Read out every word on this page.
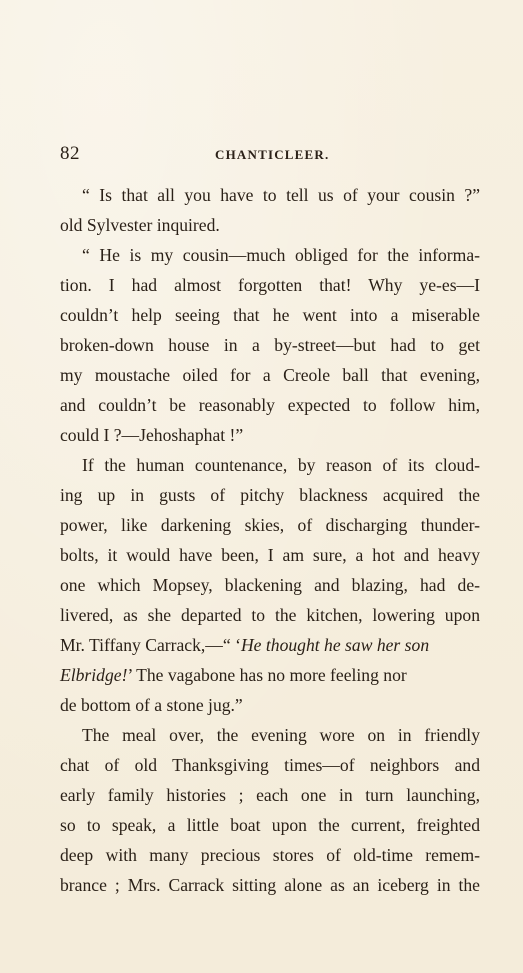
82	CHANTICLEER.
“ Is that all you have to tell us of your cousin ?”
old Sylvester inquired.
“ He is my cousin—much obliged for the informa-
tion. I had almost forgotten that! Why ye-es—I
couldn’t help seeing that he went into a miserable
broken-down house in a by-street—but had to get
my moustache oiled for a Creole ball that evening,
and couldn’t be reasonably expected to follow him,
could I ?—Jehoshaphat !”
If the human countenance, by reason of its cloud-
ing up in gusts of pitchy blackness acquired the
power, like darkening skies, of discharging thunder-
bolts, it would have been, I am sure, a hot and heavy
one which Mopsey, blackening and blazing, had de-
livered, as she departed to the kitchen, lowering upon
Mr. Tiffany Carrack,—“ ‘He thought he saw her son
Elbridge!’ The vagabone has no more feeling nor
de bottom of a stone jug.”
The meal over, the evening wore on in friendly
chat of old Thanksgiving times—of neighbors and
early family histories ; each one in turn launching,
so to speak, a little boat upon the current, freighted
deep with many precious stores of old-time remem-
brance ; Mrs. Carrack sitting alone as an iceberg in the
